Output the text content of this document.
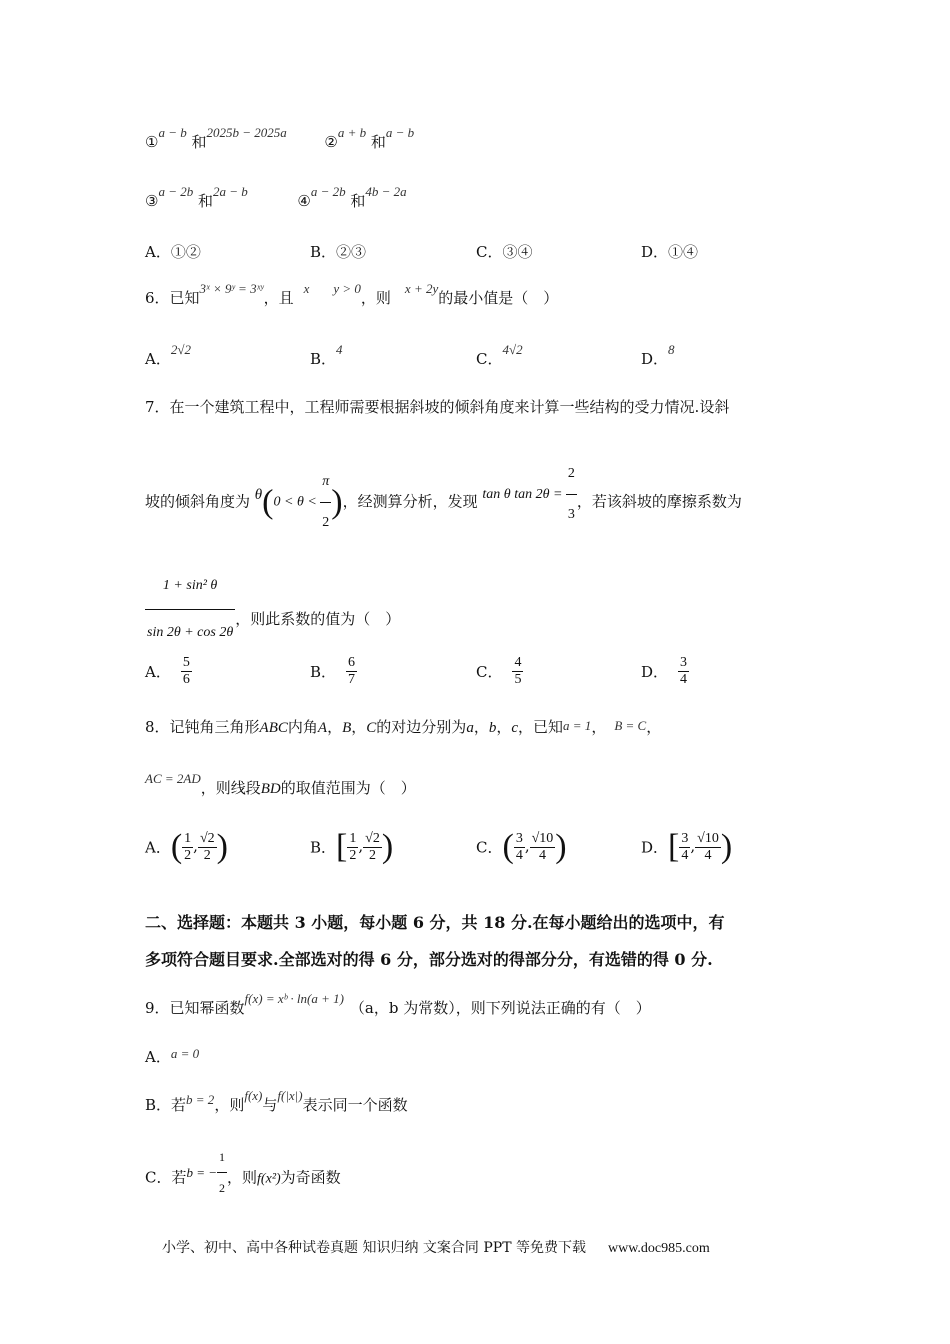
①a − b 和2025b − 2025a  ②a + b 和a − b
③a − 2b 和2a − b  ④a − 2b 和4b − 2a
A．①②	B．②③	C．③④	D．①④
6．已知3ˣ × 9ʸ = 3ˣʸ，且x y > 0，则x + 2y的最小值是（　）
A．2√2
B．4
C．4√2
D．8
7．在一个建筑工程中，工程师需要根据斜坡的倾斜角度来计算一些结构的受力情况.设斜
坡的倾斜角度为 $\theta(0 < \theta < \frac{\pi}{2}$ )，经测算分析，发现 tan θ $\tan 2\theta = \frac{2}{3}$ ，若该斜坡的摩擦系数为
$\frac{\text{1 + sin² θ}}{\sin 2\theta + \cos 2\theta}$ ，则此系数的值为（　）
A． $\frac{5}{6}$	B． $\frac{6}{7}$	C． $\frac{4}{5}$	D． $\frac{3}{4}$
8．记钝角三角形ABC内角A，B，C的对边分别为a，b，c，已知a = 1， B = C，
AC = 2AD，则线段BD的取值范围为（　）
A．( $\frac{1}{2}$ , $\frac{√2}{2}$ )	B．[ $\frac{1}{2}$ , $\frac{√2}{2}$ )	C．( $\frac{3}{4}$ , $\frac{√10}{4}$ )	D．[ $\frac{3}{4}$ , $\frac{√10}{4}$ )
二、选择题：本题共 3 小题，每小题 6 分，共 18 分.在每小题给出的选项中，有
多项符合题目要求.全部选对的得 6 分，部分选对的得部分分，有选错的得 0 分.
9．已知幂函数f(x) = xᵇ · ln(a + 1)（a，b 为常数），则下列说法正确的有（　）
A．a = 0
B．若b = 2，则f(x)与f(|x|)表示同一个函数
C．若b = − $\frac{1}{2}$ ，则f(x²)为奇函数
小学、初中、高中各种试卷真题 知识归纳 文案合同 PPT 等免费下载 www.doc985.com
